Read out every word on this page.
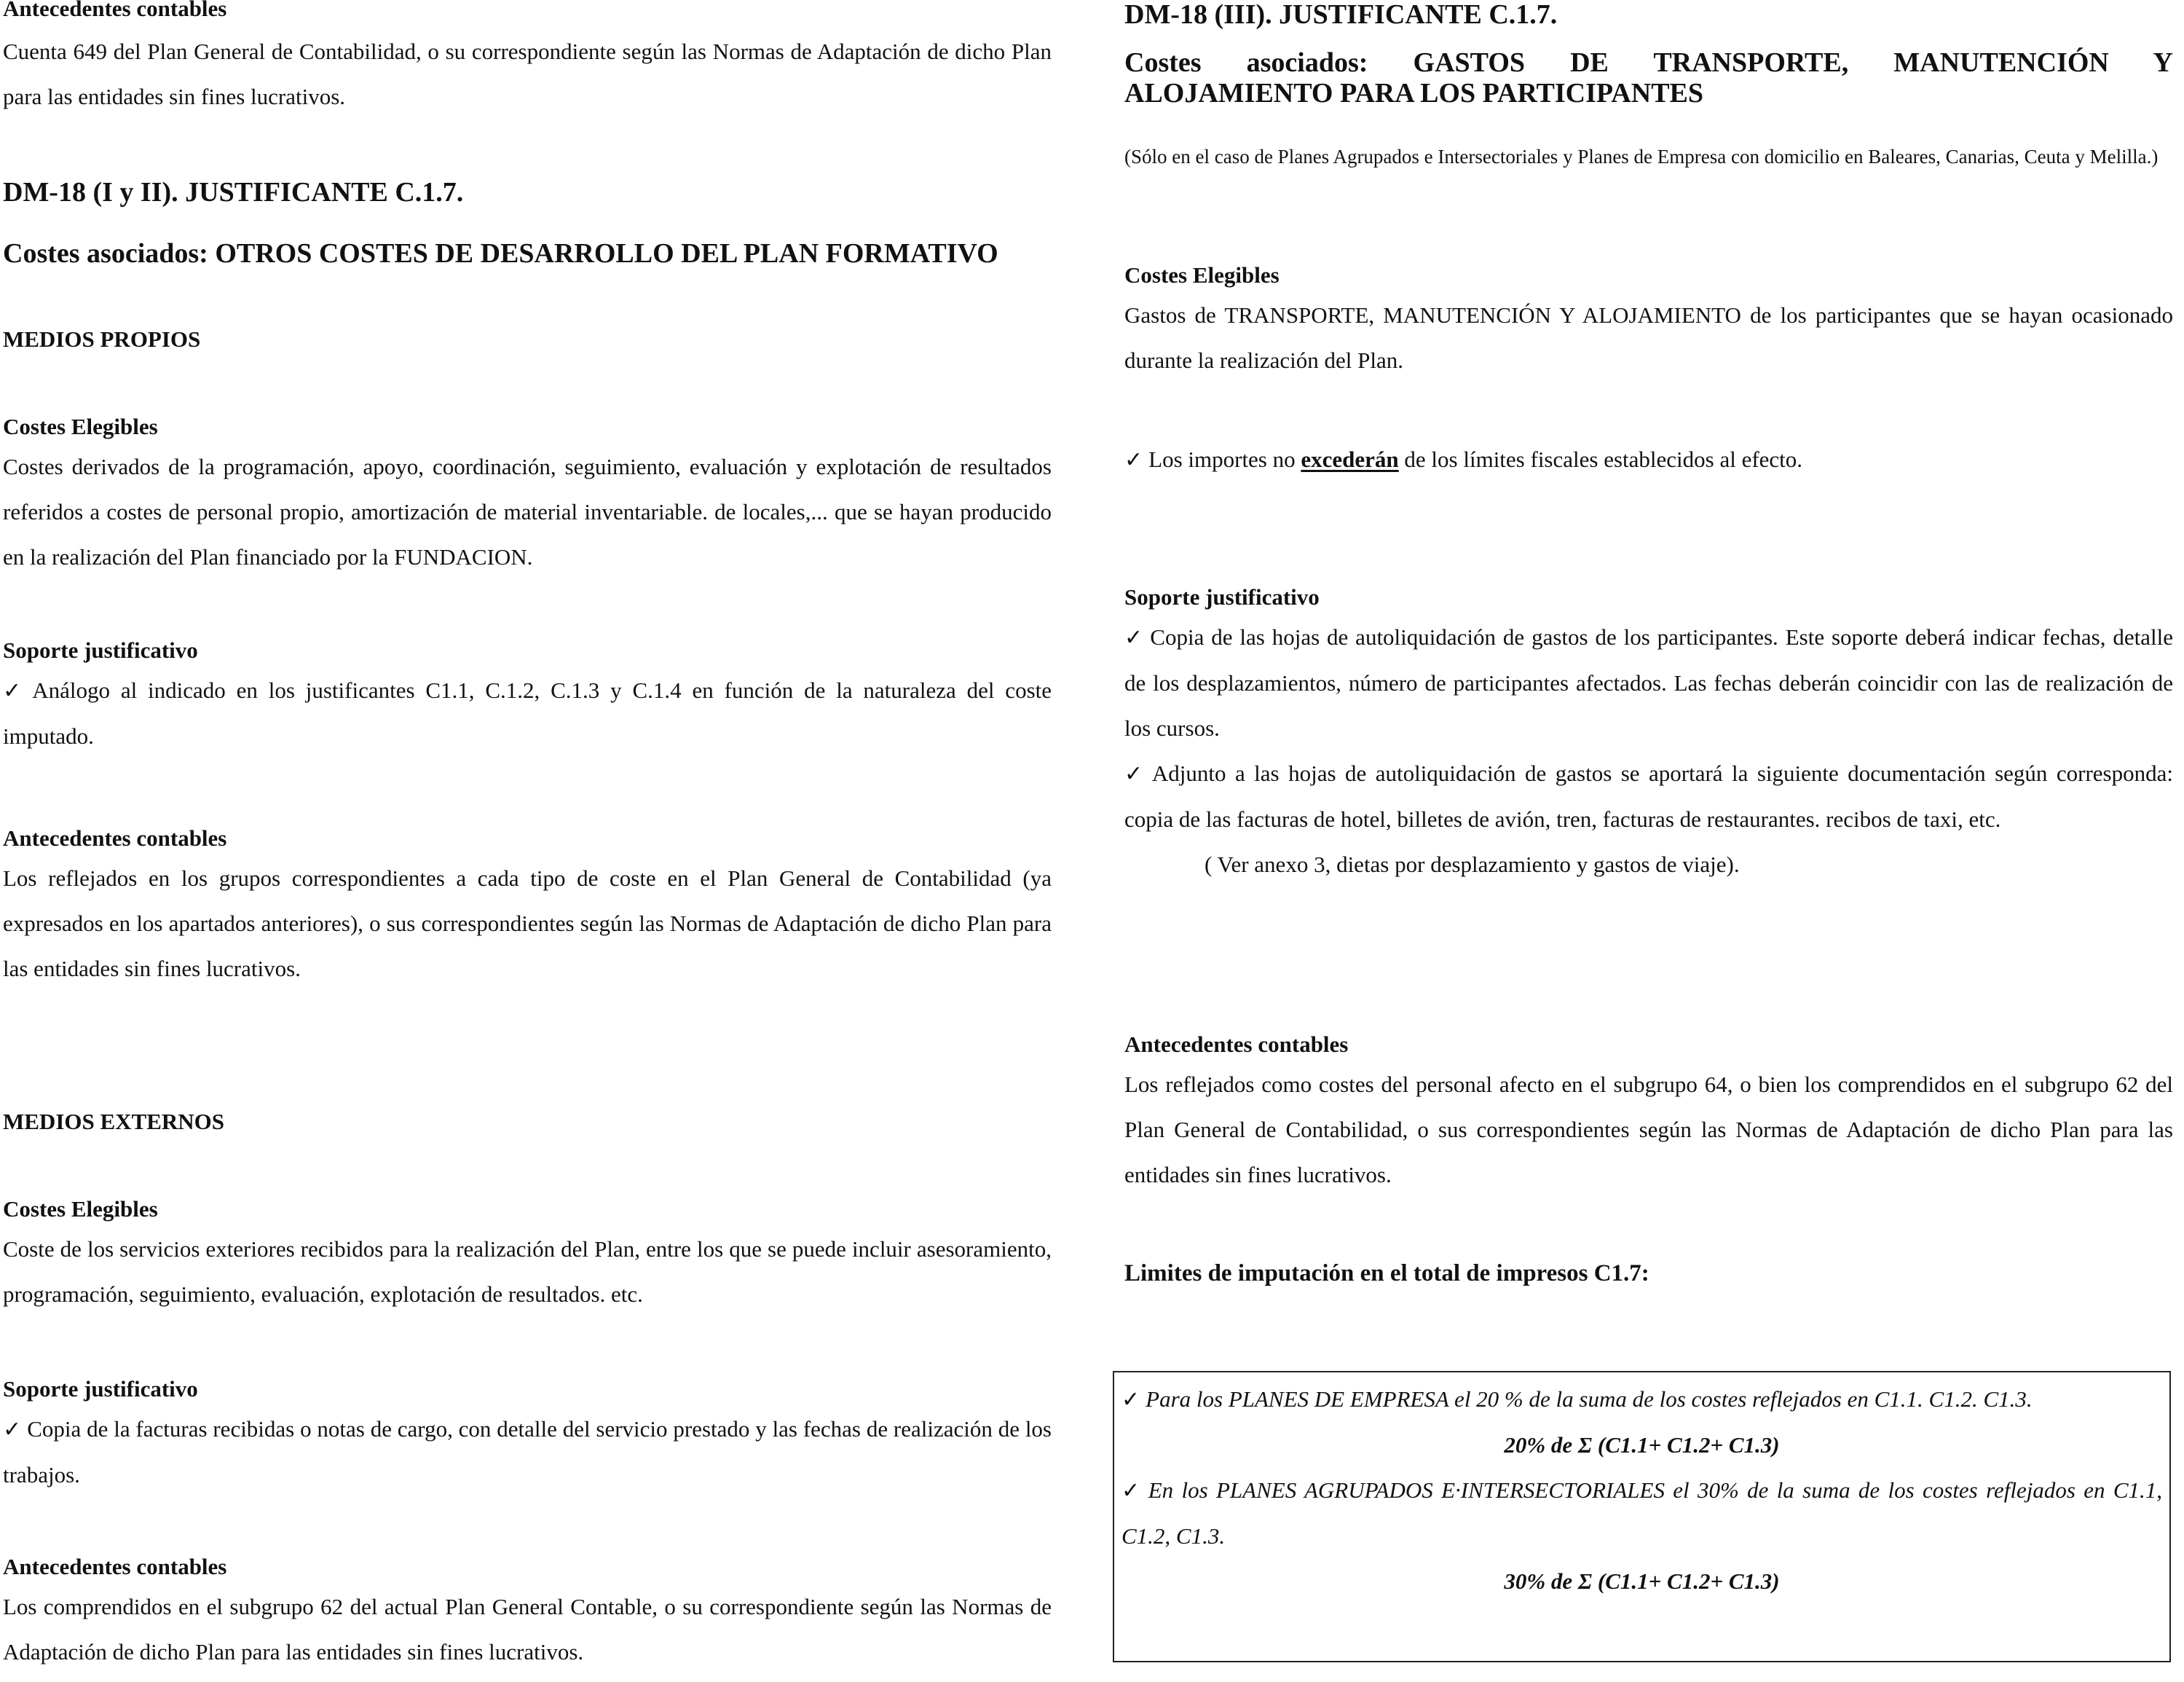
Antecedentes contables

Cuenta 649 del Plan General de Contabilidad, o su correspondiente según las Normas de Adaptación de dicho Plan para las entidades sin fines lucrativos.

DM-18 (I y II). JUSTIFICANTE C.1.7.

Costes asociados: OTROS COSTES DE DESARROLLO DEL PLAN FORMATIVO

MEDIOS PROPIOS

Costes Elegibles

Costes derivados de la programación, apoyo, coordinación, seguimiento, evaluación y explotación de resultados referidos a costes de personal propio, amortización de material inventariable. de locales,... que se hayan producido en la realización del Plan financiado por la FUNDACION.

Soporte justificativo

✓ Análogo al indicado en los justificantes C1.1, C.1.2, C.1.3 y C.1.4 en función de la naturaleza del coste imputado.

Antecedentes contables

Los reflejados en los grupos correspondientes a cada tipo de coste en el Plan General de Contabilidad (ya expresados en los apartados anteriores), o sus correspondientes según las Normas de Adaptación de dicho Plan para las entidades sin fines lucrativos.

MEDIOS EXTERNOS

Costes Elegibles

Coste de los servicios exteriores recibidos para la realización del Plan, entre los que se puede incluir asesoramiento, programación, seguimiento, evaluación, explotación de resultados. etc.

Soporte justificativo

✓ Copia de la facturas recibidas o notas de cargo, con detalle del servicio prestado y las fechas de realización de los trabajos.

Antecedentes contables

Los comprendidos en el subgrupo 62 del actual Plan General Contable, o su correspondiente según las Normas de Adaptación de dicho Plan para las entidades sin fines lucrativos.

DM-18 (III). JUSTIFICANTE C.1.7.

Costes asociados: GASTOS DE TRANSPORTE, MANUTENCIÓN Y

ALOJAMIENTO PARA LOS PARTICIPANTES

(Sólo en el caso de Planes Agrupados e Intersectoriales y Planes de Empresa con domicilio en Baleares, Canarias, Ceuta y Melilla.)

Costes Elegibles

Gastos de TRANSPORTE, MANUTENCIÓN Y ALOJAMIENTO de los participantes que se hayan ocasionado durante la realización del Plan.

✓ Los importes no excederán de los límites fiscales establecidos al efecto.

Soporte justificativo

✓ Copia de las hojas de autoliquidación de gastos de los participantes. Este soporte deberá indicar fechas, detalle de los desplazamientos, número de participantes afectados. Las fechas deberán coincidir con las de realización de los cursos.

✓ Adjunto a las hojas de autoliquidación de gastos se aportará la siguiente documentación según corresponda: copia de las facturas de hotel, billetes de avión, tren, facturas de restaurantes. recibos de taxi, etc.

( Ver anexo 3, dietas por desplazamiento y gastos de viaje).

Antecedentes contables

Los reflejados como costes del personal afecto en el subgrupo 64, o bien los comprendidos en el subgrupo 62 del Plan General de Contabilidad, o sus correspondientes según las Normas de Adaptación de dicho Plan para las entidades sin fines lucrativos.

Limites de imputación en el total de impresos C1.7:

✓ Para los PLANES DE EMPRESA el 20 % de la suma de los costes reflejados en C1.1. C1.2. C1.3.

20% de Σ (C1.1+ C1.2+ C1.3)

✓ En los PLANES AGRUPADOS E·INTERSECTORIALES el 30% de la suma de los costes reflejados en C1.1, C1.2, C1.3.

30% de Σ (C1.1+ C1.2+ C1.3)
